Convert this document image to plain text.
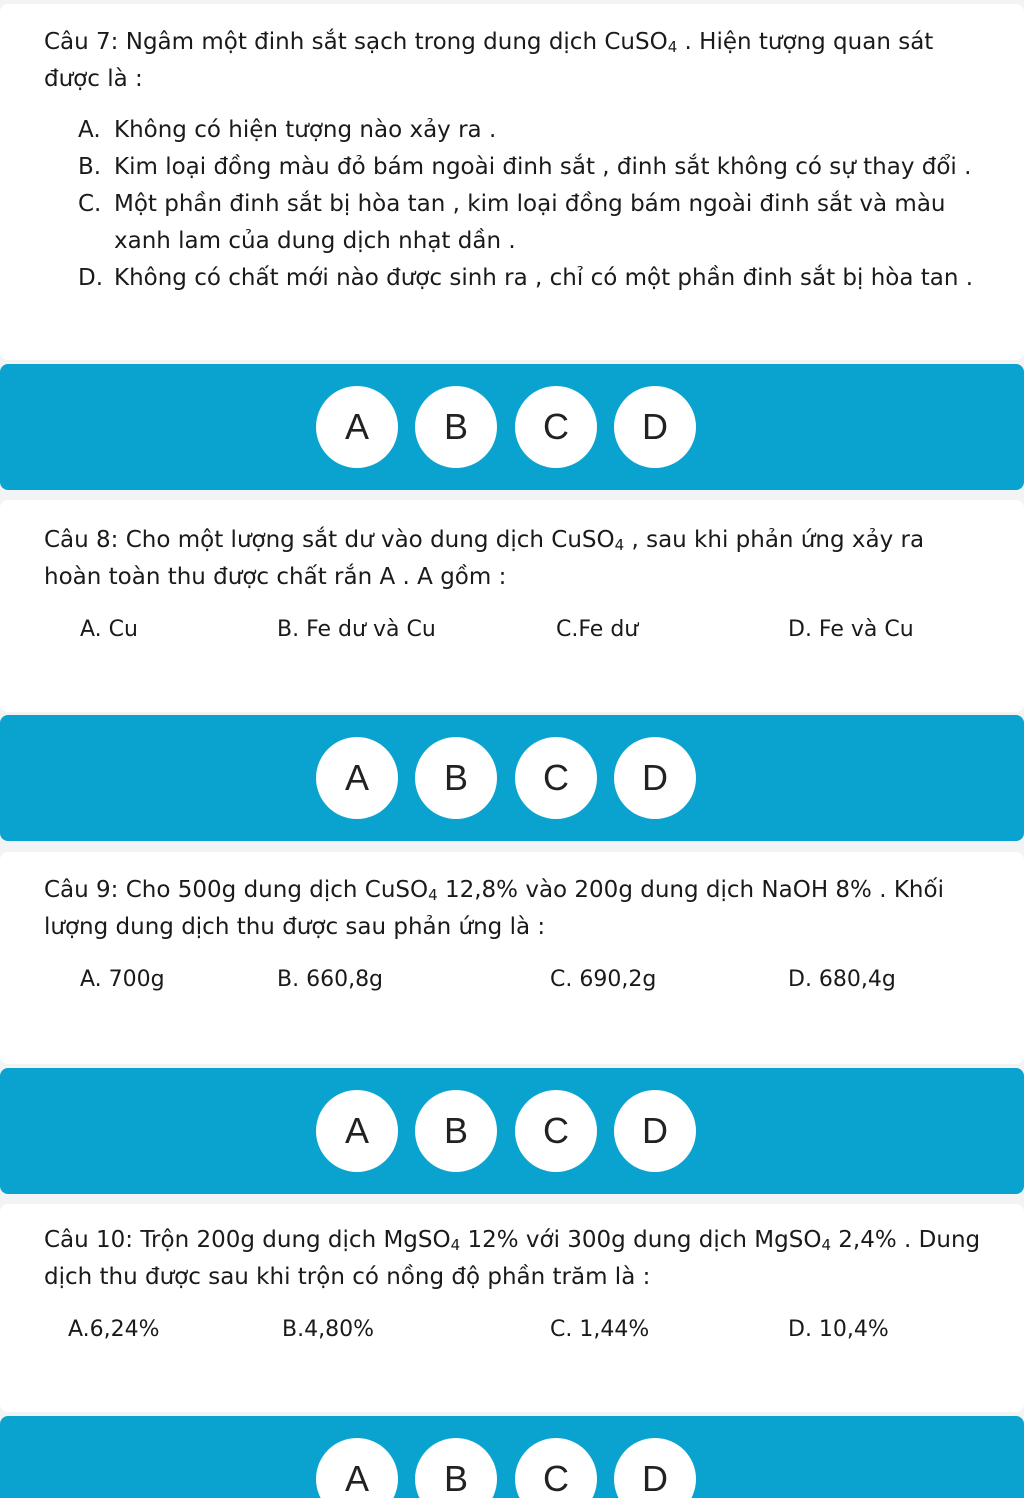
Câu 7: Ngâm một đinh sắt sạch trong dung dịch CuSO$_4$ . Hiện tượng quan sát được là :

A. Không có hiện tượng nào xảy ra .
B. Kim loại đồng màu đỏ bám ngoài đinh sắt , đinh sắt không có sự thay đổi .
C. Một phần đinh sắt bị hòa tan , kim loại đồng bám ngoài đinh sắt và màu xanh lam của dung dịch nhạt dần .
D. Không có chất mới nào được sinh ra , chỉ có một phần đinh sắt bị hòa tan .
A	B	C	D

Câu 8: Cho một lượng sắt dư vào dung dịch CuSO$_4$ , sau khi phản ứng xảy ra hoàn toàn thu được chất rắn A . A gồm :

A. Cu	B. Fe dư và Cu	C.Fe dư	D. Fe và Cu
A	B	C	D

Câu 9: Cho 500g dung dịch CuSO$_4$ 12,8% vào 200g dung dịch NaOH 8% . Khối lượng dung dịch thu được sau phản ứng là :

A. 700g	B. 660,8g	C. 690,2g	D. 680,4g
A	B	C	D

Câu 10: Trộn 200g dung dịch MgSO$_4$ 12% với 300g dung dịch MgSO$_4$ 2,4% . Dung dịch thu được sau khi trộn có nồng độ phần trăm là :

A.6,24%	B.4,80%	C. 1,44%	D. 10,4%
A	B	C	D
